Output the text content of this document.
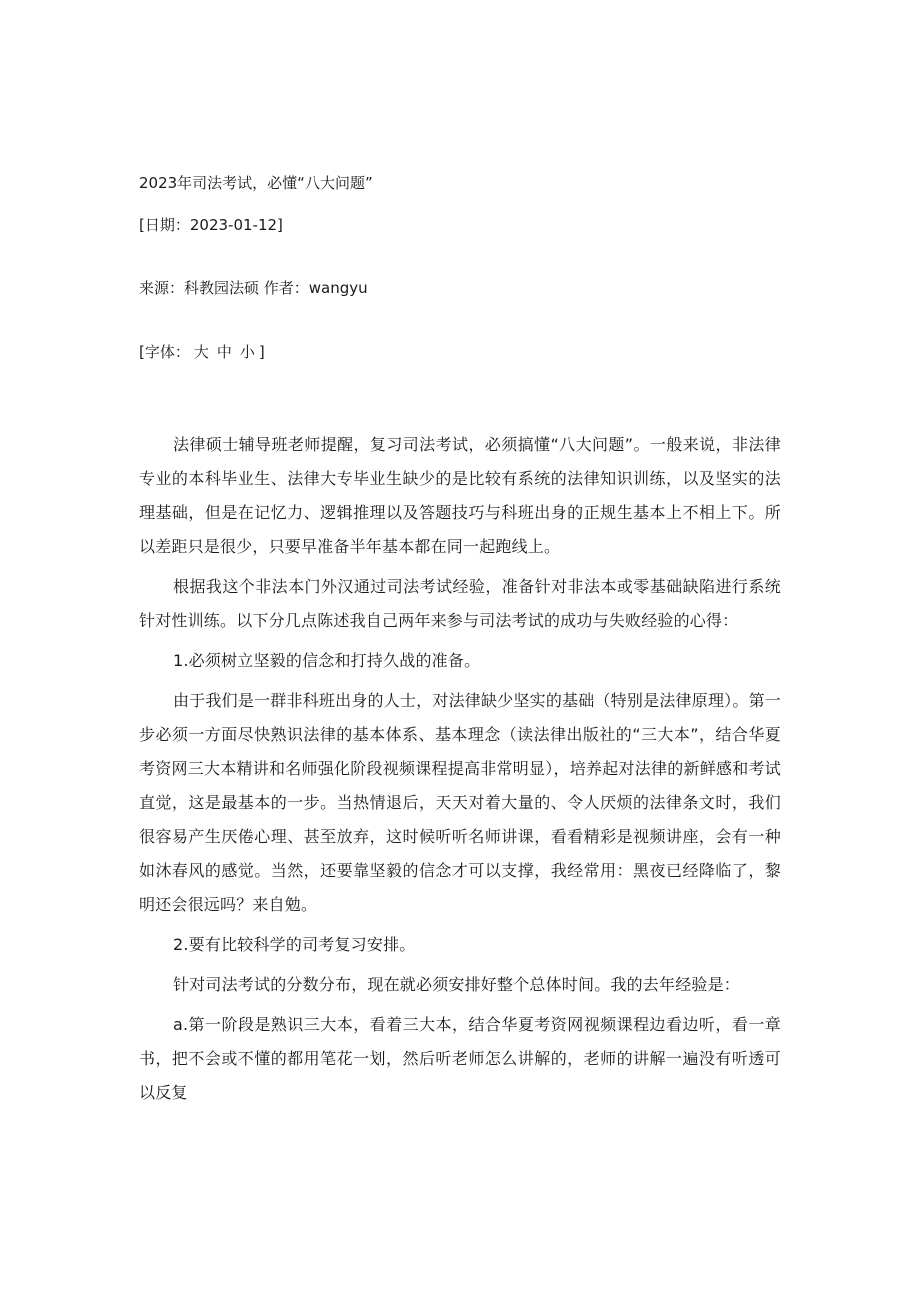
2023年司法考试，必懂“八大问题”
[日期：2023-01-12]
来源：科教园法硕 作者：wangyu
[字体： 大 中 小 ]

法律硕士辅导班老师提醒，复习司法考试，必须搞懂“八大问题”。一般来说，非法律专业的本科毕业生、法律大专毕业生缺少的是比较有系统的法律知识训练，以及坚实的法理基础，但是在记忆力、逻辑推理以及答题技巧与科班出身的正规生基本上不相上下。所以差距只是很少，只要早准备半年基本都在同一起跑线上。

根据我这个非法本门外汉通过司法考试经验，准备针对非法本或零基础缺陷进行系统针对性训练。以下分几点陈述我自己两年来参与司法考试的成功与失败经验的心得：

1.必须树立坚毅的信念和打持久战的准备。

由于我们是一群非科班出身的人士，对法律缺少坚实的基础（特别是法律原理）。第一步必须一方面尽快熟识法律的基本体系、基本理念（读法律出版社的“三大本”，结合华夏考资网三大本精讲和名师强化阶段视频课程提高非常明显），培养起对法律的新鲜感和考试直觉，这是最基本的一步。当热情退后，天天对着大量的、令人厌烦的法律条文时，我们很容易产生厌倦心理、甚至放弃，这时候听听名师讲课，看看精彩是视频讲座，会有一种如沐春风的感觉。当然，还要靠坚毅的信念才可以支撑，我经常用：黑夜已经降临了，黎明还会很远吗？来自勉。

2.要有比较科学的司考复习安排。

针对司法考试的分数分布，现在就必须安排好整个总体时间。我的去年经验是：

a.第一阶段是熟识三大本，看着三大本，结合华夏考资网视频课程边看边听，看一章书，把不会或不懂的都用笔花一划，然后听老师怎么讲解的，老师的讲解一遍没有听透可以反复
